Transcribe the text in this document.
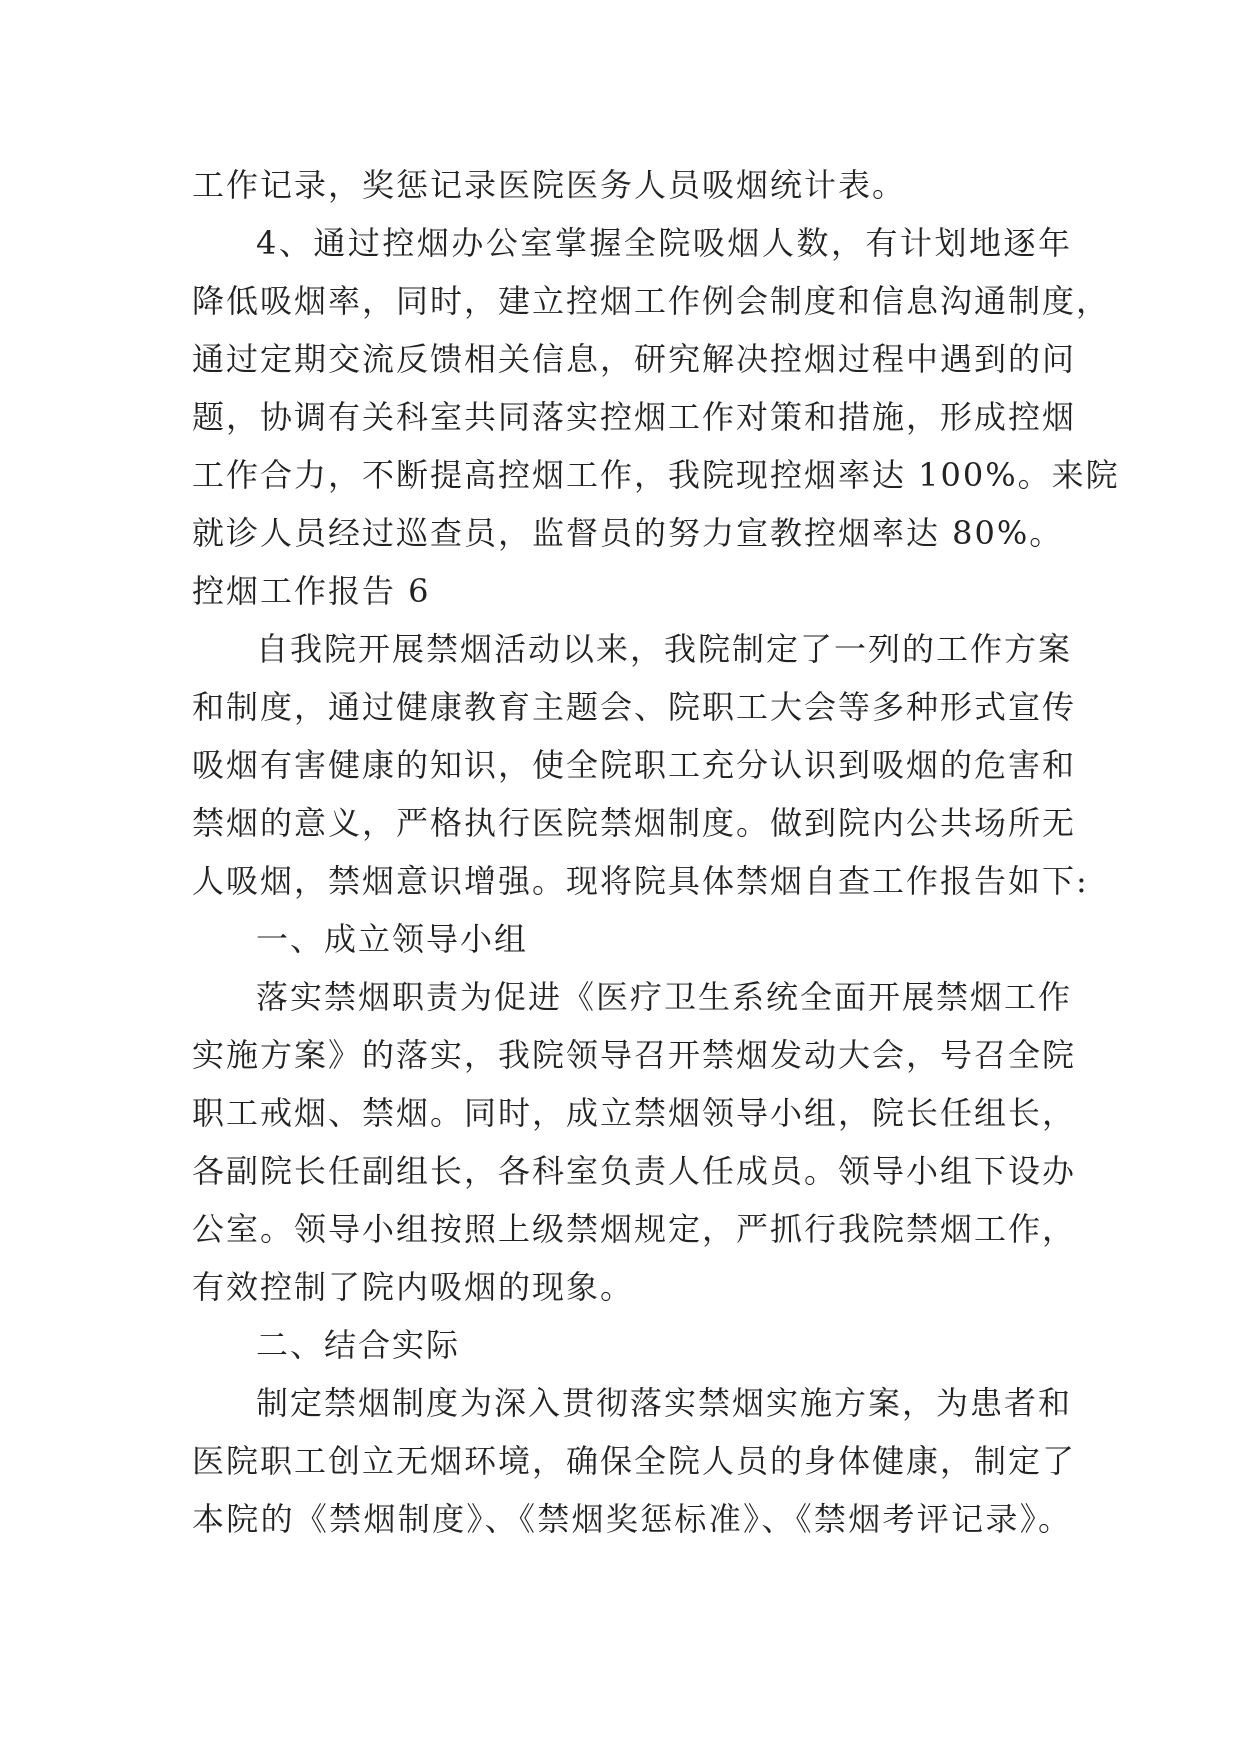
工作记录，奖惩记录医院医务人员吸烟统计表。
4、通过控烟办公室掌握全院吸烟人数，有计划地逐年
降低吸烟率，同时，建立控烟工作例会制度和信息沟通制度，
通过定期交流反馈相关信息，研究解决控烟过程中遇到的问
题，协调有关科室共同落实控烟工作对策和措施，形成控烟
工作合力，不断提高控烟工作，我院现控烟率达 100%。来院
就诊人员经过巡查员，监督员的努力宣教控烟率达 80%。
控烟工作报告 6
自我院开展禁烟活动以来，我院制定了一列的工作方案
和制度，通过健康教育主题会、院职工大会等多种形式宣传
吸烟有害健康的知识，使全院职工充分认识到吸烟的危害和
禁烟的意义，严格执行医院禁烟制度。做到院内公共场所无
人吸烟，禁烟意识增强。现将院具体禁烟自查工作报告如下:
一、成立领导小组
落实禁烟职责为促进《医疗卫生系统全面开展禁烟工作
实施方案》的落实，我院领导召开禁烟发动大会，号召全院
职工戒烟、禁烟。同时，成立禁烟领导小组，院长任组长，
各副院长任副组长，各科室负责人任成员。领导小组下设办
公室。领导小组按照上级禁烟规定，严抓行我院禁烟工作，
有效控制了院内吸烟的现象。
二、结合实际
制定禁烟制度为深入贯彻落实禁烟实施方案，为患者和
医院职工创立无烟环境，确保全院人员的身体健康，制定了
本院的《禁烟制度》、《禁烟奖惩标准》、《禁烟考评记录》。
